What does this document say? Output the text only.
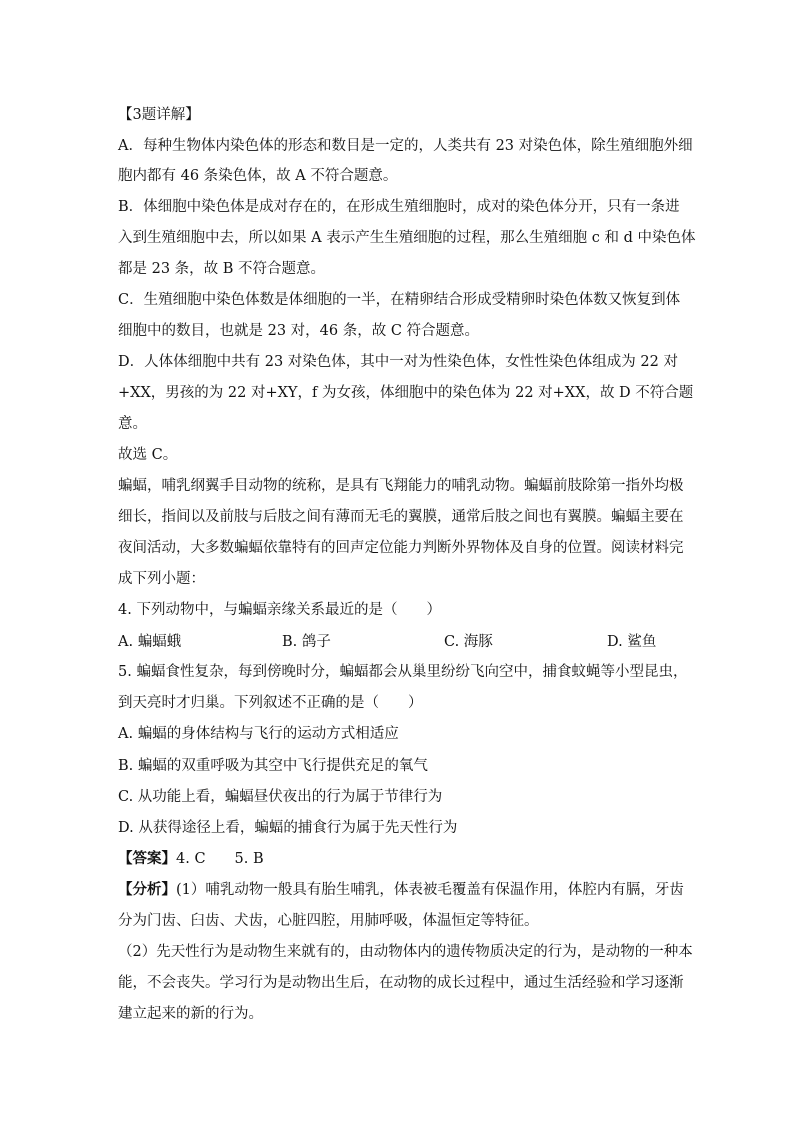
【3题详解】
A．每种生物体内染色体的形态和数目是一定的，人类共有 23 对染色体，除生殖细胞外细
胞内都有 46 条染色体，故 A 不符合题意。
B．体细胞中染色体是成对存在的，在形成生殖细胞时，成对的染色体分开，只有一条进
入到生殖细胞中去，所以如果 A 表示产生生殖细胞的过程，那么生殖细胞 c 和 d 中染色体
都是 23 条，故 B 不符合题意。
C．生殖细胞中染色体数是体细胞的一半，在精卵结合形成受精卵时染色体数又恢复到体
细胞中的数目，也就是 23 对，46 条，故 C 符合题意。
D．人体体细胞中共有 23 对染色体，其中一对为性染色体，女性性染色体组成为 22 对
+XX，男孩的为 22 对+XY，f 为女孩，体细胞中的染色体为 22 对+XX，故 D 不符合题
意。
故选 C。
蝙蝠，哺乳纲翼手目动物的统称，是具有飞翔能力的哺乳动物。蝙蝠前肢除第一指外均极
细长，指间以及前肢与后肢之间有薄而无毛的翼膜，通常后肢之间也有翼膜。蝙蝠主要在
夜间活动，大多数蝙蝠依靠特有的回声定位能力判断外界物体及自身的位置。阅读材料完
成下列小题：
4. 下列动物中，与蝙蝠亲缘关系最近的是（　　）
A. 蝙蝠蛾	B. 鸽子	C. 海豚	D. 鲨鱼
5. 蝙蝠食性复杂，每到傍晚时分，蝙蝠都会从巢里纷纷飞向空中，捕食蚊蝇等小型昆虫，
到天亮时才归巢。下列叙述不正确的是（　　）
A. 蝙蝠的身体结构与飞行的运动方式相适应
B. 蝙蝠的双重呼吸为其空中飞行提供充足的氧气
C. 从功能上看，蝙蝠昼伏夜出的行为属于节律行为
D. 从获得途径上看，蝙蝠的捕食行为属于先天性行为
【答案】4. C　　5. B
【分析】(1）哺乳动物一般具有胎生哺乳，体表被毛覆盖有保温作用，体腔内有膈，牙齿
分为门齿、臼齿、犬齿，心脏四腔，用肺呼吸，体温恒定等特征。
（2）先天性行为是动物生来就有的，由动物体内的遗传物质决定的行为，是动物的一种本
能，不会丧失。学习行为是动物出生后，在动物的成长过程中，通过生活经验和学习逐渐
建立起来的新的行为。
